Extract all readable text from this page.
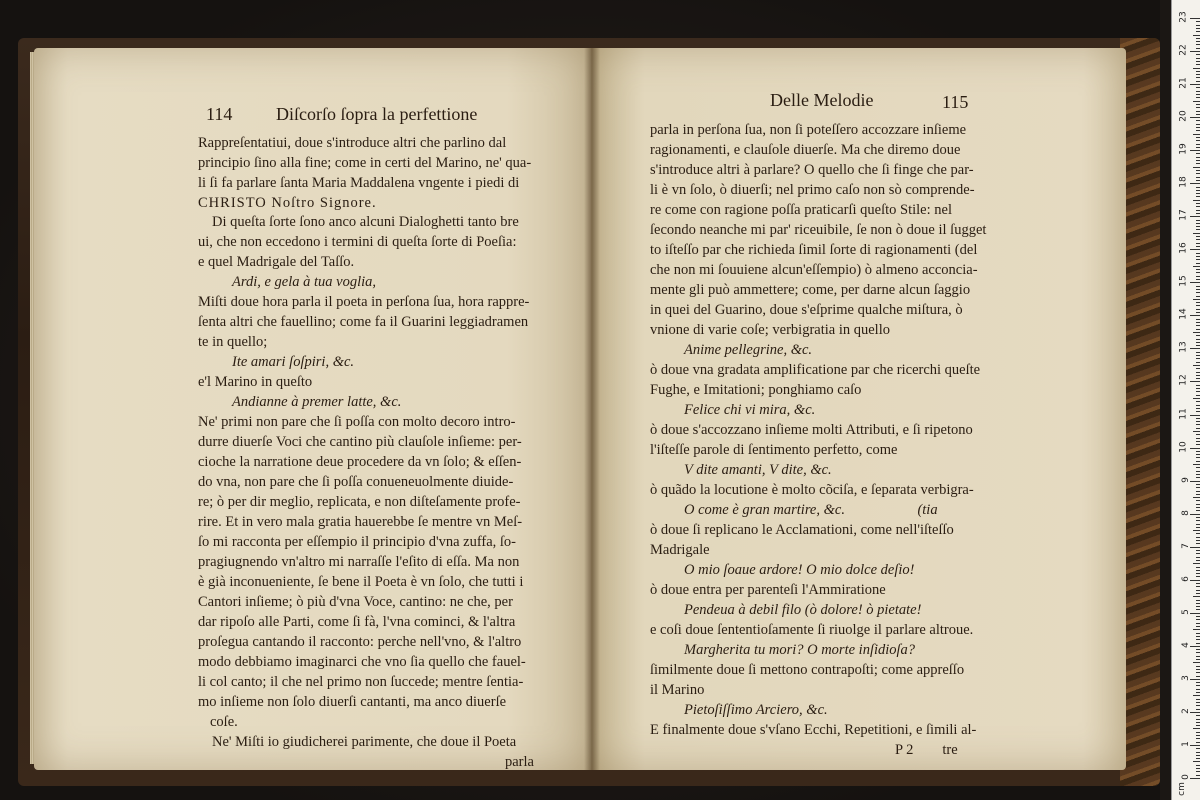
114 Diſcorſo ſopra la perfettione
Rappreſentatiui, doue s'introduce altri che parlino dal
principio ſino alla fine; come in certi del Marino, ne' qua-
li ſi fa parlare ſanta Maria Maddalena vngente i piedi di
CHRISTO Noſtro Signore.
Di queſta ſorte ſono anco alcuni Dialoghetti tanto bre
ui, che non eccedono i termini di queſta ſorte di Poeſia:
e quel Madrigale del Taſſo.
Ardi, e gela à tua voglia,
Miſti doue hora parla il poeta in perſona ſua, hora rappre-
ſenta altri che fauellino; come fa il Guarini leggiadramen
te in quello;
Ite amari ſoſpiri, &c.
e'l Marino in queſto
Andianne à premer latte, &c.
Ne' primi non pare che ſi poſſa con molto decoro intro-
durre diuerſe Voci che cantino più clauſole inſieme: per-
cioche la narratione deue procedere da vn ſolo; & eſſen-
do vna, non pare che ſi poſſa conueneuolmente diuide-
re; ò per dir meglio, replicata, e non diſteſamente profe-
rire. Et in vero mala gratia hauerebbe ſe mentre vn Meſ-
ſo mi racconta per eſſempio il principio d'vna zuffa, ſo-
pragiugnendo vn'altro mi narraſſe l'eſito di eſſa. Ma non
è già inconueniente, ſe bene il Poeta è vn ſolo, che tutti i
Cantori inſieme; ò più d'vna Voce, cantino: ne che, per
dar ripoſo alle Parti, come ſi fà, l'vna cominci, & l'altra
proſegua cantando il racconto: perche nell'vno, & l'altro
modo debbiamo imaginarci che vno ſia quello che fauel-
li col canto; il che nel primo non ſuccede; mentre ſentia-
mo inſieme non ſolo diuerſi cantanti, ma anco diuerſe
coſe.
Ne' Miſti io giudicherei parimente, che doue il Poeta
parla
Delle Melodie	115
parla in perſona ſua, non ſi poteſſero accozzare inſieme
ragionamenti, e clauſole diuerſe. Ma che diremo doue
s'introduce altri à parlare? O quello che ſi finge che par-
li è vn ſolo, ò diuerſi; nel primo caſo non sò comprende-
re come con ragione poſſa praticarſi queſto Stile: nel
ſecondo neanche mi par' riceuibile, ſe non ò doue il ſugget
to iſteſſo par che richieda ſimil ſorte di ragionamenti (del
che non mi ſouuiene alcun'eſſempio) ò almeno acconcia-
mente gli può ammettere; come, per darne alcun ſaggio
in quei del Guarino, doue s'eſprime qualche miſtura, ò
vnione di varie coſe; verbigratia in quello
Anime pellegrine, &c.
ò doue vna gradata amplificatione par che ricerchi queſte
Fughe, e Imitationi; ponghiamo caſo
Felice chi vi mira, &c.
ò doue s'accozzano inſieme molti Attributi, e ſi ripetono
l'iſteſſe parole di ſentimento perfetto, come
V dite amanti, V dite, &c.
ò quãdo la locutione è molto cõciſa, e ſeparata verbigra-
O come è gran martire, &c.                    (tia
ò doue ſi replicano le Acclamationi, come nell'iſteſſo
Madrigale
O mio ſoaue ardore! O mio dolce deſio!
ò doue entra per parenteſi l'Ammiratione
Pendeua à debil filo (ò dolore! ò pietate!
e coſi doue ſententioſamente ſi riuolge il parlare altroue.
Margherita tu mori? O morte inſidioſa?
ſimilmente doue ſi mettono contrapoſti; come appreſſo
il Marino
Pietoſiſſimo Arciero, &c.
E finalmente doue s'vſano Ecchi, Repetitioni, e ſimili al-
P 2        tre
0
1
2
3
4
5
6
7
8
9
10
11
12
13
14
15
16
17
18
19
20
21
22
23
cm
